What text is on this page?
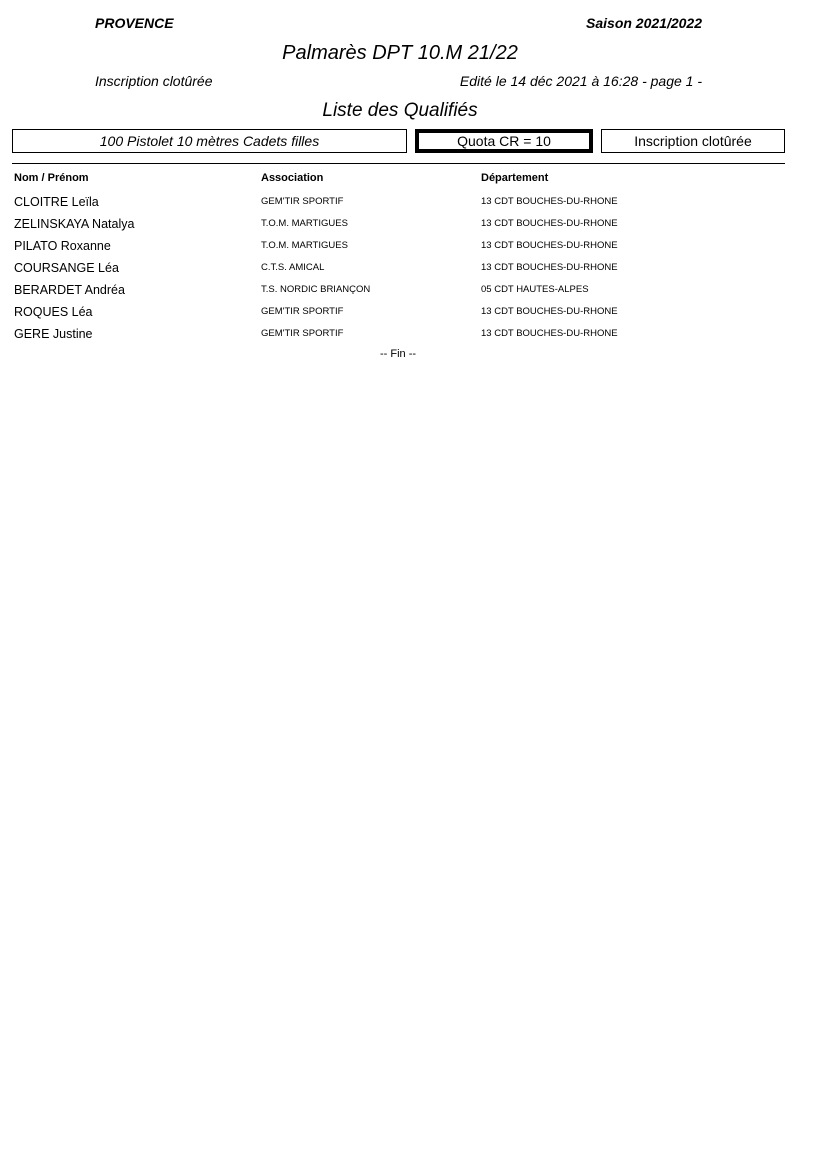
PROVENCE	Saison 2021/2022
Palmarès DPT 10.M 21/22
Inscription clotûrée	Edité le 14 déc 2021 à 16:28 - page 1 -
Liste des Qualifiés
100 Pistolet 10 mètres Cadets filles	Quota CR = 10	Inscription clotûrée
Nom / Prénom	Association	Département
CLOITRE Leïla	GEM'TIR SPORTIF	13 CDT BOUCHES-DU-RHONE
ZELINSKAYA Natalya	T.O.M. MARTIGUES	13 CDT BOUCHES-DU-RHONE
PILATO Roxanne	T.O.M. MARTIGUES	13 CDT BOUCHES-DU-RHONE
COURSANGE Léa	C.T.S. AMICAL	13 CDT BOUCHES-DU-RHONE
BERARDET Andréa	T.S. NORDIC BRIANÇON	05 CDT HAUTES-ALPES
ROQUES Léa	GEM'TIR SPORTIF	13 CDT BOUCHES-DU-RHONE
GERE Justine	GEM'TIR SPORTIF	13 CDT BOUCHES-DU-RHONE
-- Fin --
